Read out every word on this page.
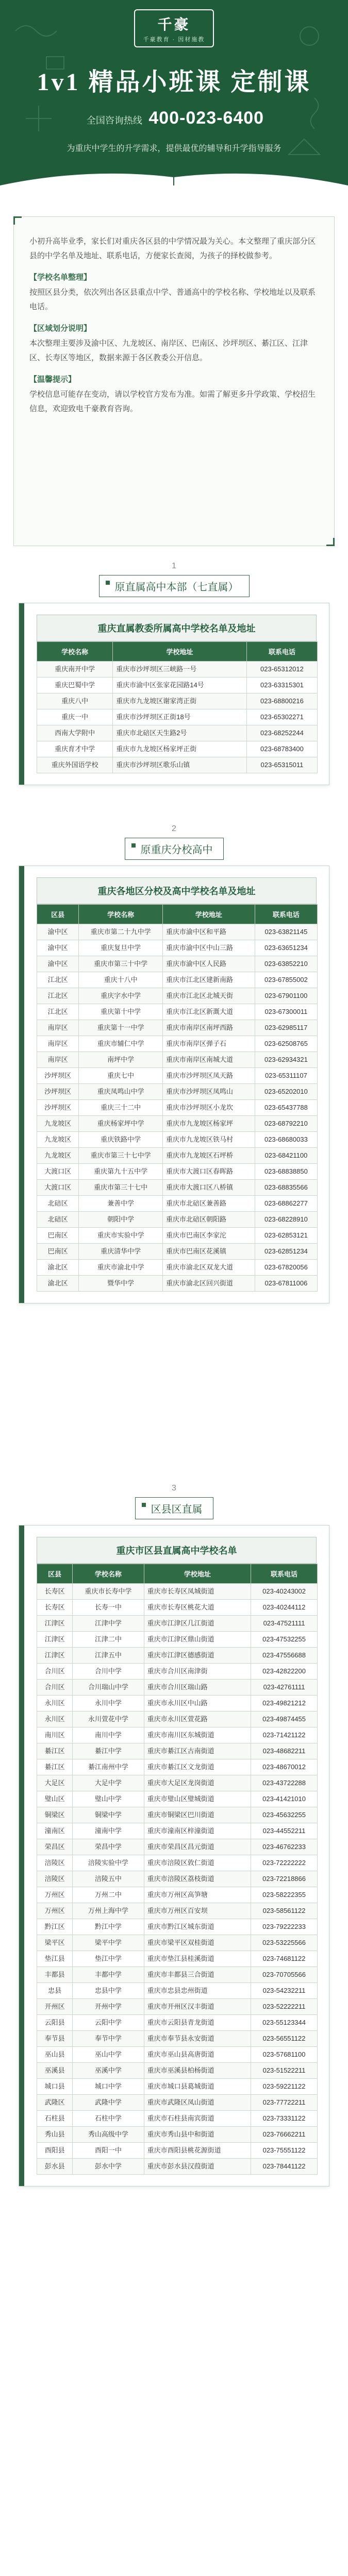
千豪
千豪教育 · 因材施教
1v1 精品小班课 定制课
全国咨询热线 400-023-6400
为重庆中学生的升学需求，提供最优的辅导和升学指导服务

小初升高毕业季，家长们对重庆各区县的中学情况最为关心。本文整理了重庆部分区县的中学名单及地址、联系电话，方便家长查阅，为孩子的择校做参考。

【学校名单整理】

按照区县分类，依次列出各区县重点中学、普通高中的学校名称、学校地址以及联系电话。

【区域划分说明】

本次整理主要涉及渝中区、九龙坡区、南岸区、巴南区、沙坪坝区、綦江区、江津区、长寿区等地区，数据来源于各区教委公开信息。

【温馨提示】

学校信息可能存在变动，请以学校官方发布为准。如需了解更多升学政策、学校招生信息，欢迎致电千豪教育咨询。

1
原直属高中本部（七直属）
重庆直属教委所属高中学校名单及地址
学校名称	学校地址	联系电话
重庆南开中学	重庆市沙坪坝区三峡路一号	023-65312012
重庆巴蜀中学	重庆市渝中区张家花园路14号	023-63315301
重庆八中	重庆市九龙坡区谢家湾正街	023-68800216
重庆一中	重庆市沙坪坝区正街18号	023-65302271
西南大学附中	重庆市北碚区天生路2号	023-68252244
重庆育才中学	重庆市九龙坡区杨家坪正街	023-68783400
重庆外国语学校	重庆市沙坪坝区歌乐山镇	023-65315011
2
原重庆分校高中
重庆各地区分校及高中学校名单及地址
区县	学校名称	学校地址	联系电话
渝中区	重庆市第二十九中学	重庆市渝中区和平路	023-63821145
渝中区	重庆复旦中学	重庆市渝中区中山三路	023-63651234
渝中区	重庆市第三十中学	重庆市渝中区人民路	023-63852210
江北区	重庆十八中	重庆市江北区建新南路	023-67855002
江北区	重庆字水中学	重庆市江北区北城天街	023-67901100
江北区	重庆第十中学	重庆市江北区新溉大道	023-67300011
南岸区	重庆第十一中学	重庆市南岸区南坪西路	023-62985117
南岸区	重庆市辅仁中学	重庆市南岸区弹子石	023-62508765
南岸区	南坪中学	重庆市南岸区南城大道	023-62934321
沙坪坝区	重庆七中	重庆市沙坪坝区凤天路	023-65311107
沙坪坝区	重庆凤鸣山中学	重庆市沙坪坝区凤鸣山	023-65202010
沙坪坝区	重庆三十二中	重庆市沙坪坝区小龙坎	023-65437788
九龙坡区	重庆杨家坪中学	重庆市九龙坡区杨家坪	023-68792210
九龙坡区	重庆铁路中学	重庆市九龙坡区铁马村	023-68680033
九龙坡区	重庆市第三十七中学	重庆市九龙坡区石坪桥	023-68421100
大渡口区	重庆第九十五中学	重庆市大渡口区春晖路	023-68838850
大渡口区	重庆市第三十七中	重庆市大渡口区八桥镇	023-68835566
北碚区	兼善中学	重庆市北碚区兼善路	023-68862277
北碚区	朝阳中学	重庆市北碚区朝阳路	023-68228910
巴南区	重庆市实验中学	重庆市巴南区李家沱	023-62853121
巴南区	重庆清华中学	重庆市巴南区花溪镇	023-62851234
渝北区	重庆市渝北中学	重庆市渝北区双龙大道	023-67820056
渝北区	暨华中学	重庆市渝北区回兴街道	023-67811006
3
区县区直属
重庆市区县直属高中学校名单
区县	学校名称	学校地址	联系电话
长寿区	重庆市长寿中学	重庆市长寿区凤城街道	023-40243002
长寿区	长寿一中	重庆市长寿区桃花大道	023-40244112
江津区	江津中学	重庆市江津区几江街道	023-47521111
江津区	江津二中	重庆市江津区鼎山街道	023-47532255
江津区	江津五中	重庆市江津区德感街道	023-47556688
合川区	合川中学	重庆市合川区南津街	023-42822200
合川区	合川瑞山中学	重庆市合川区瑞山路	023-42761111
永川区	永川中学	重庆市永川区中山路	023-49821212
永川区	永川萱花中学	重庆市永川区萱花路	023-49874455
南川区	南川中学	重庆市南川区东城街道	023-71421122
綦江区	綦江中学	重庆市綦江区古南街道	023-48682211
綦江区	綦江南州中学	重庆市綦江区文龙街道	023-48670012
大足区	大足中学	重庆市大足区龙岗街道	023-43722288
璧山区	璧山中学	重庆市璧山区璧城街道	023-41421010
铜梁区	铜梁中学	重庆市铜梁区巴川街道	023-45632255
潼南区	潼南中学	重庆市潼南区梓潼街道	023-44552211
荣昌区	荣昌中学	重庆市荣昌区昌元街道	023-46762233
涪陵区	涪陵实验中学	重庆市涪陵区敦仁街道	023-72222222
涪陵区	涪陵五中	重庆市涪陵区荔枝街道	023-72218866
万州区	万州二中	重庆市万州区高笋塘	023-58222355
万州区	万州上海中学	重庆市万州区百安坝	023-58561122
黔江区	黔江中学	重庆市黔江区城东街道	023-79222233
梁平区	梁平中学	重庆市梁平区双桂街道	023-53225566
垫江县	垫江中学	重庆市垫江县桂溪街道	023-74681122
丰都县	丰都中学	重庆市丰都县三合街道	023-70705566
忠县	忠县中学	重庆市忠县忠州街道	023-54232211
开州区	开州中学	重庆市开州区汉丰街道	023-52222211
云阳县	云阳中学	重庆市云阳县青龙街道	023-55123344
奉节县	奉节中学	重庆市奉节县永安街道	023-56551122
巫山县	巫山中学	重庆市巫山县高唐街道	023-57681100
巫溪县	巫溪中学	重庆市巫溪县柏杨街道	023-51522211
城口县	城口中学	重庆市城口县葛城街道	023-59221122
武隆区	武隆中学	重庆市武隆区凤山街道	023-77722211
石柱县	石柱中学	重庆市石柱县南宾街道	023-73331122
秀山县	秀山高级中学	重庆市秀山县中和街道	023-76662211
酉阳县	酉阳一中	重庆市酉阳县桃花源街道	023-75551122
彭水县	彭水中学	重庆市彭水县汉葭街道	023-78441122
